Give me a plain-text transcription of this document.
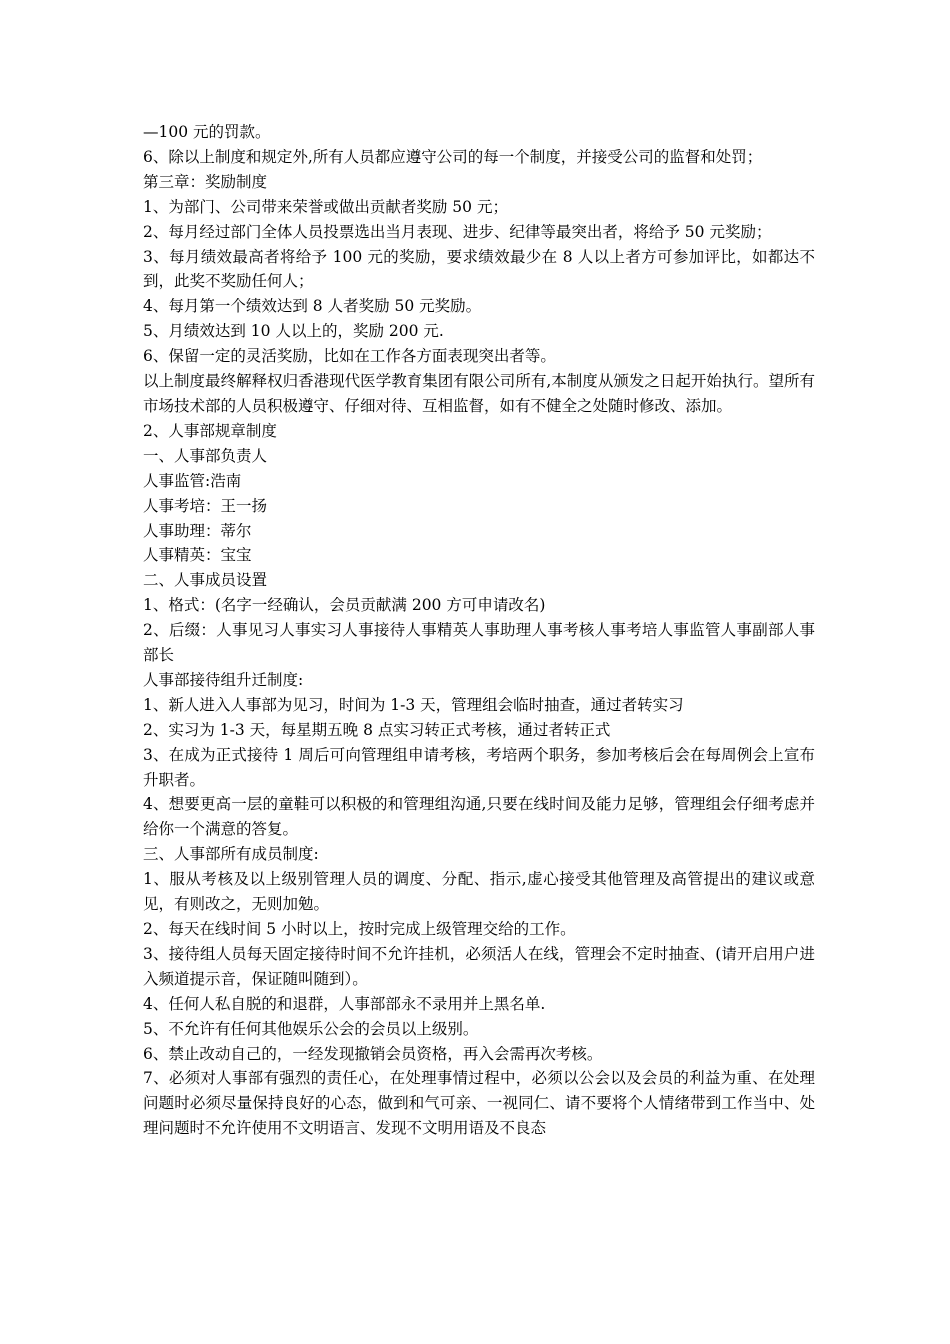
—100 元的罚款。

6、除以上制度和规定外,所有人员都应遵守公司的每一个制度，并接受公司的监督和处罚；

第三章：奖励制度

1、为部门、公司带来荣誉或做出贡献者奖励 50 元；

2、每月经过部门全体人员投票选出当月表现、进步、纪律等最突出者，将给予 50 元奖励；

3、每月绩效最高者将给予 100 元的奖励，要求绩效最少在 8 人以上者方可参加评比，如都达不到，此奖不奖励任何人；

4、每月第一个绩效达到 8 人者奖励 50 元奖励。

5、月绩效达到 10 人以上的，奖励 200 元.

6、保留一定的灵活奖励，比如在工作各方面表现突出者等。

以上制度最终解释权归香港现代医学教育集团有限公司所有,本制度从颁发之日起开始执行。望所有市场技术部的人员积极遵守、仔细对待、互相监督，如有不健全之处随时修改、添加。

2、人事部规章制度

一、人事部负责人

人事监管:浩南

人事考培：王一扬

人事助理：蒂尔

人事精英：宝宝

二、人事成员设置

1、格式：(名字一经确认，会员贡献满 200 方可申请改名)

2、后缀：人事见习人事实习人事接待人事精英人事助理人事考核人事考培人事监管人事副部人事部长

人事部接待组升迁制度:

1、新人进入人事部为见习，时间为 1-3 天，管理组会临时抽查，通过者转实习

2、实习为 1-3 天，每星期五晚 8 点实习转正式考核，通过者转正式

3、在成为正式接待 1 周后可向管理组申请考核，考培两个职务，参加考核后会在每周例会上宣布升职者。

4、想要更高一层的童鞋可以积极的和管理组沟通,只要在线时间及能力足够，管理组会仔细考虑并给你一个满意的答复。

三、人事部所有成员制度:

1、服从考核及以上级别管理人员的调度、分配、指示,虚心接受其他管理及高管提出的建议或意见，有则改之，无则加勉。

2、每天在线时间 5 小时以上，按时完成上级管理交给的工作。

3、接待组人员每天固定接待时间不允许挂机，必须活人在线，管理会不定时抽查、(请开启用户进入频道提示音，保证随叫随到）。

4、任何人私自脱的和退群，人事部部永不录用并上黑名单.

5、不允许有任何其他娱乐公会的会员以上级别。

6、禁止改动自己的，一经发现撤销会员资格，再入会需再次考核。

7、必须对人事部有强烈的责任心，在处理事情过程中，必须以公会以及会员的利益为重、在处理问题时必须尽量保持良好的心态，做到和气可亲、一视同仁、请不要将个人情绪带到工作当中、处理问题时不允许使用不文明语言、发现不文明用语及不良态
